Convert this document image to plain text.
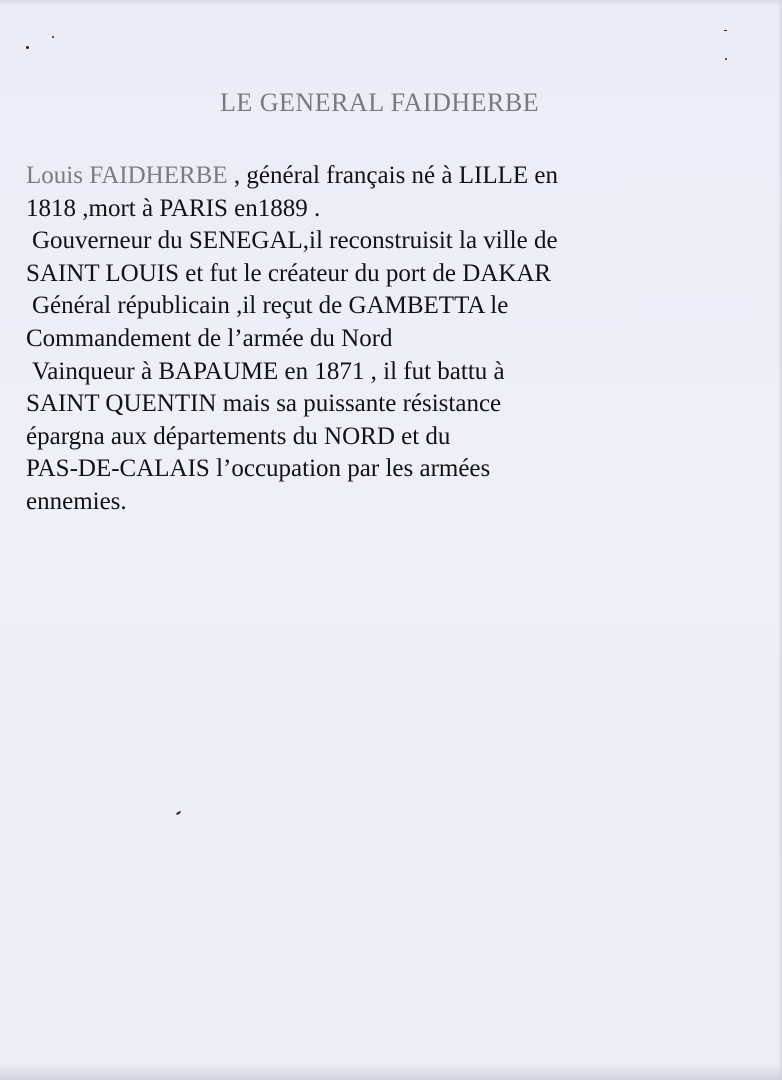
LE GENERAL FAIDHERBE
Louis FAIDHERBE , général français né à LILLE en
1818 ,mort à PARIS en1889 .
Gouverneur du SENEGAL,il reconstruisit la ville de
SAINT LOUIS et fut le créateur du port de DAKAR
Général républicain ,il reçut de GAMBETTA le
Commandement de l’armée du Nord
Vainqueur à BAPAUME en 1871 , il fut battu à
SAINT QUENTIN mais sa puissante résistance
épargna aux départements du NORD et du
PAS-DE-CALAIS l’occupation par les armées
ennemies.
